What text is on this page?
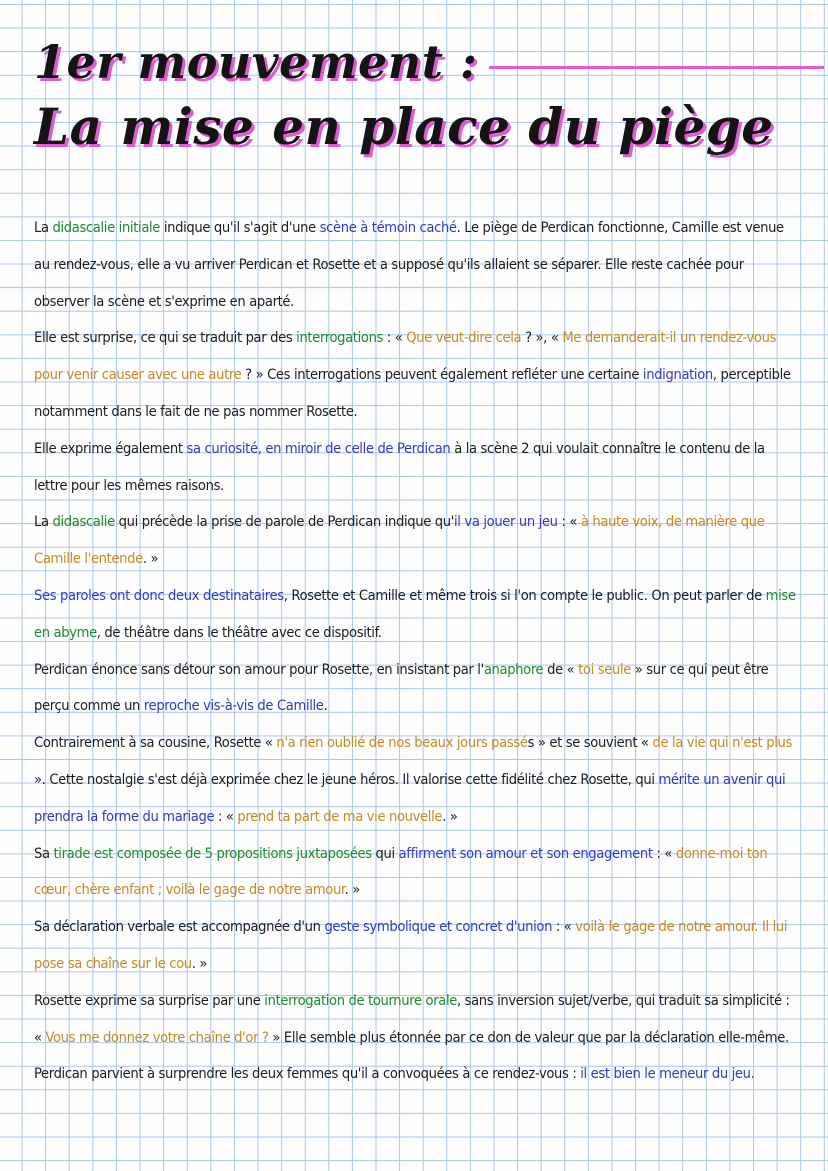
1er mouvement :
La mise en place du piège

La didascalie initiale indique qu'il s'agit d'une scène à témoin caché. Le piège de Perdican fonctionne, Camille est venue au rendez-vous, elle a vu arriver Perdican et Rosette et a supposé qu'ils allaient se séparer. Elle reste cachée pour observer la scène et s'exprime en aparté.

Elle est surprise, ce qui se traduit par des interrogations : « Que veut-dire cela ? », « Me demanderait-il un rendez-vous pour venir causer avec une autre ? » Ces interrogations peuvent également refléter une certaine indignation, perceptible notamment dans le fait de ne pas nommer Rosette.

Elle exprime également sa curiosité, en miroir de celle de Perdican à la scène 2 qui voulait connaître le contenu de la lettre pour les mêmes raisons.

La didascalie qui précède la prise de parole de Perdican indique qu'il va jouer un jeu : « à haute voix, de manière que Camille l'entende. »

Ses paroles ont donc deux destinataires, Rosette et Camille et même trois si l'on compte le public. On peut parler de mise en abyme, de théâtre dans le théâtre avec ce dispositif.

Perdican énonce sans détour son amour pour Rosette, en insistant par l'anaphore de « toi seule » sur ce qui peut être perçu comme un reproche vis-à-vis de Camille.

Contrairement à sa cousine, Rosette « n'a rien oublié de nos beaux jours passés » et se souvient « de la vie qui n'est plus ». Cette nostalgie s'est déjà exprimée chez le jeune héros. Il valorise cette fidélité chez Rosette, qui mérite un avenir qui prendra la forme du mariage : « prend ta part de ma vie nouvelle. »

Sa tirade est composée de 5 propositions juxtaposées qui affirment son amour et son engagement : « donne-moi ton cœur, chère enfant ; voilà le gage de notre amour. »

Sa déclaration verbale est accompagnée d'un geste symbolique et concret d'union : « voilà le gage de notre amour. Il lui pose sa chaîne sur le cou. »

Rosette exprime sa surprise par une interrogation de tournure orale, sans inversion sujet/verbe, qui traduit sa simplicité : « Vous me donnez votre chaîne d'or ? » Elle semble plus étonnée par ce don de valeur que par la déclaration elle-même.

Perdican parvient à surprendre les deux femmes qu'il a convoquées à ce rendez-vous : il est bien le meneur du jeu.
